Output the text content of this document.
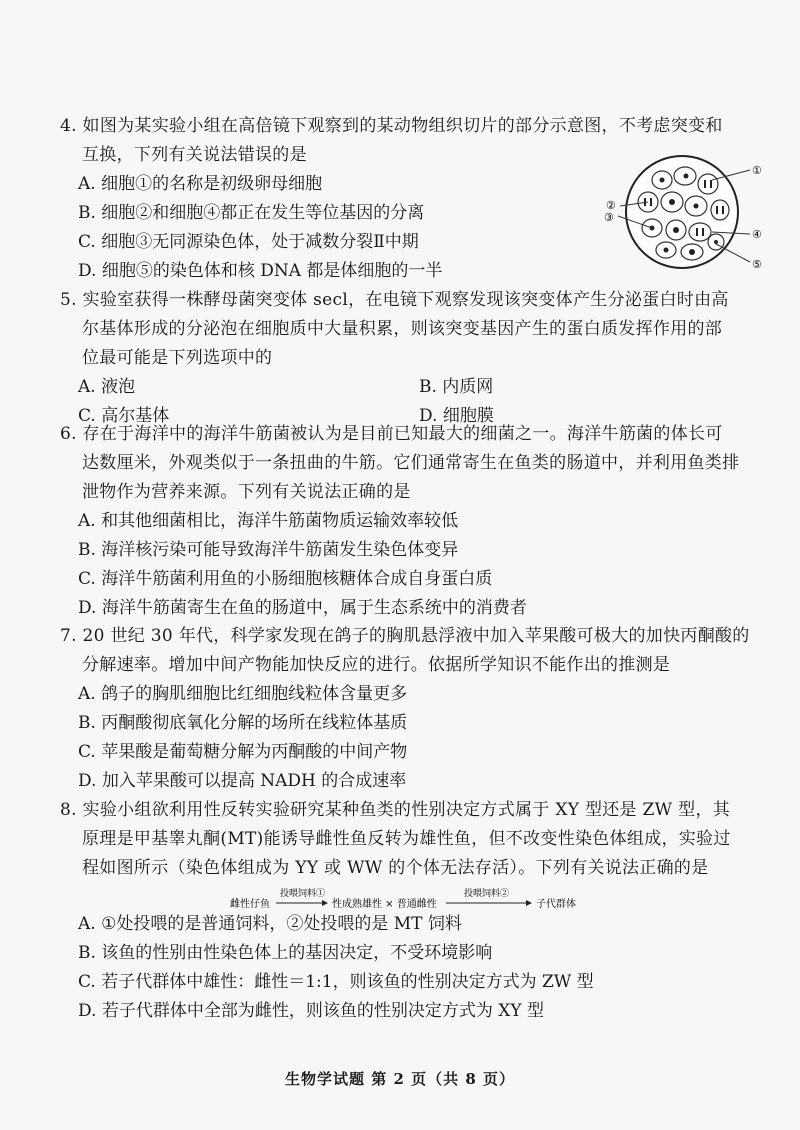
4. 如图为某实验小组在高倍镜下观察到的某动物组织切片的部分示意图，不考虑突变和
互换，下列有关说法错误的是
A. 细胞①的名称是初级卵母细胞
B. 细胞②和细胞④都正在发生等位基因的分离
C. 细胞③无同源染色体，处于减数分裂Ⅱ中期
D. 细胞⑤的染色体和核 DNA 都是体细胞的一半
①
②
③
④
⑤
5. 实验室获得一株酵母菌突变体 secl，在电镜下观察发现该突变体产生分泌蛋白时由高
尔基体形成的分泌泡在细胞质中大量积累，则该突变基因产生的蛋白质发挥作用的部
位最可能是下列选项中的
A. 液泡	B. 内质网
C. 高尔基体	D. 细胞膜
6. 存在于海洋中的海洋牛筋菌被认为是目前已知最大的细菌之一。海洋牛筋菌的体长可
达数厘米，外观类似于一条扭曲的牛筋。它们通常寄生在鱼类的肠道中，并利用鱼类排
泄物作为营养来源。下列有关说法正确的是
A. 和其他细菌相比，海洋牛筋菌物质运输效率较低
B. 海洋核污染可能导致海洋牛筋菌发生染色体变异
C. 海洋牛筋菌利用鱼的小肠细胞核糖体合成自身蛋白质
D. 海洋牛筋菌寄生在鱼的肠道中，属于生态系统中的消费者
7. 20 世纪 30 年代，科学家发现在鸽子的胸肌悬浮液中加入苹果酸可极大的加快丙酮酸的
分解速率。增加中间产物能加快反应的进行。依据所学知识不能作出的推测是
A. 鸽子的胸肌细胞比红细胞线粒体含量更多
B. 丙酮酸彻底氧化分解的场所在线粒体基质
C. 苹果酸是葡萄糖分解为丙酮酸的中间产物
D. 加入苹果酸可以提高 NADH 的合成速率
8. 实验小组欲利用性反转实验研究某种鱼类的性别决定方式属于 XY 型还是 ZW 型，其
原理是甲基睾丸酮(MT)能诱导雌性鱼反转为雄性鱼，但不改变性染色体组成，实验过
程如图所示（染色体组成为 YY 或 WW 的个体无法存活）。下列有关说法正确的是
雌性仔鱼
投喂饲料①
性成熟雄性 × 普通雌性
投喂饲料②
子代群体
A. ①处投喂的是普通饲料，②处投喂的是 MT 饲料
B. 该鱼的性别由性染色体上的基因决定，不受环境影响
C. 若子代群体中雄性：雌性＝1:1，则该鱼的性别决定方式为 ZW 型
D. 若子代群体中全部为雌性，则该鱼的性别决定方式为 XY 型
生物学试题 第 2 页（共 8 页）
